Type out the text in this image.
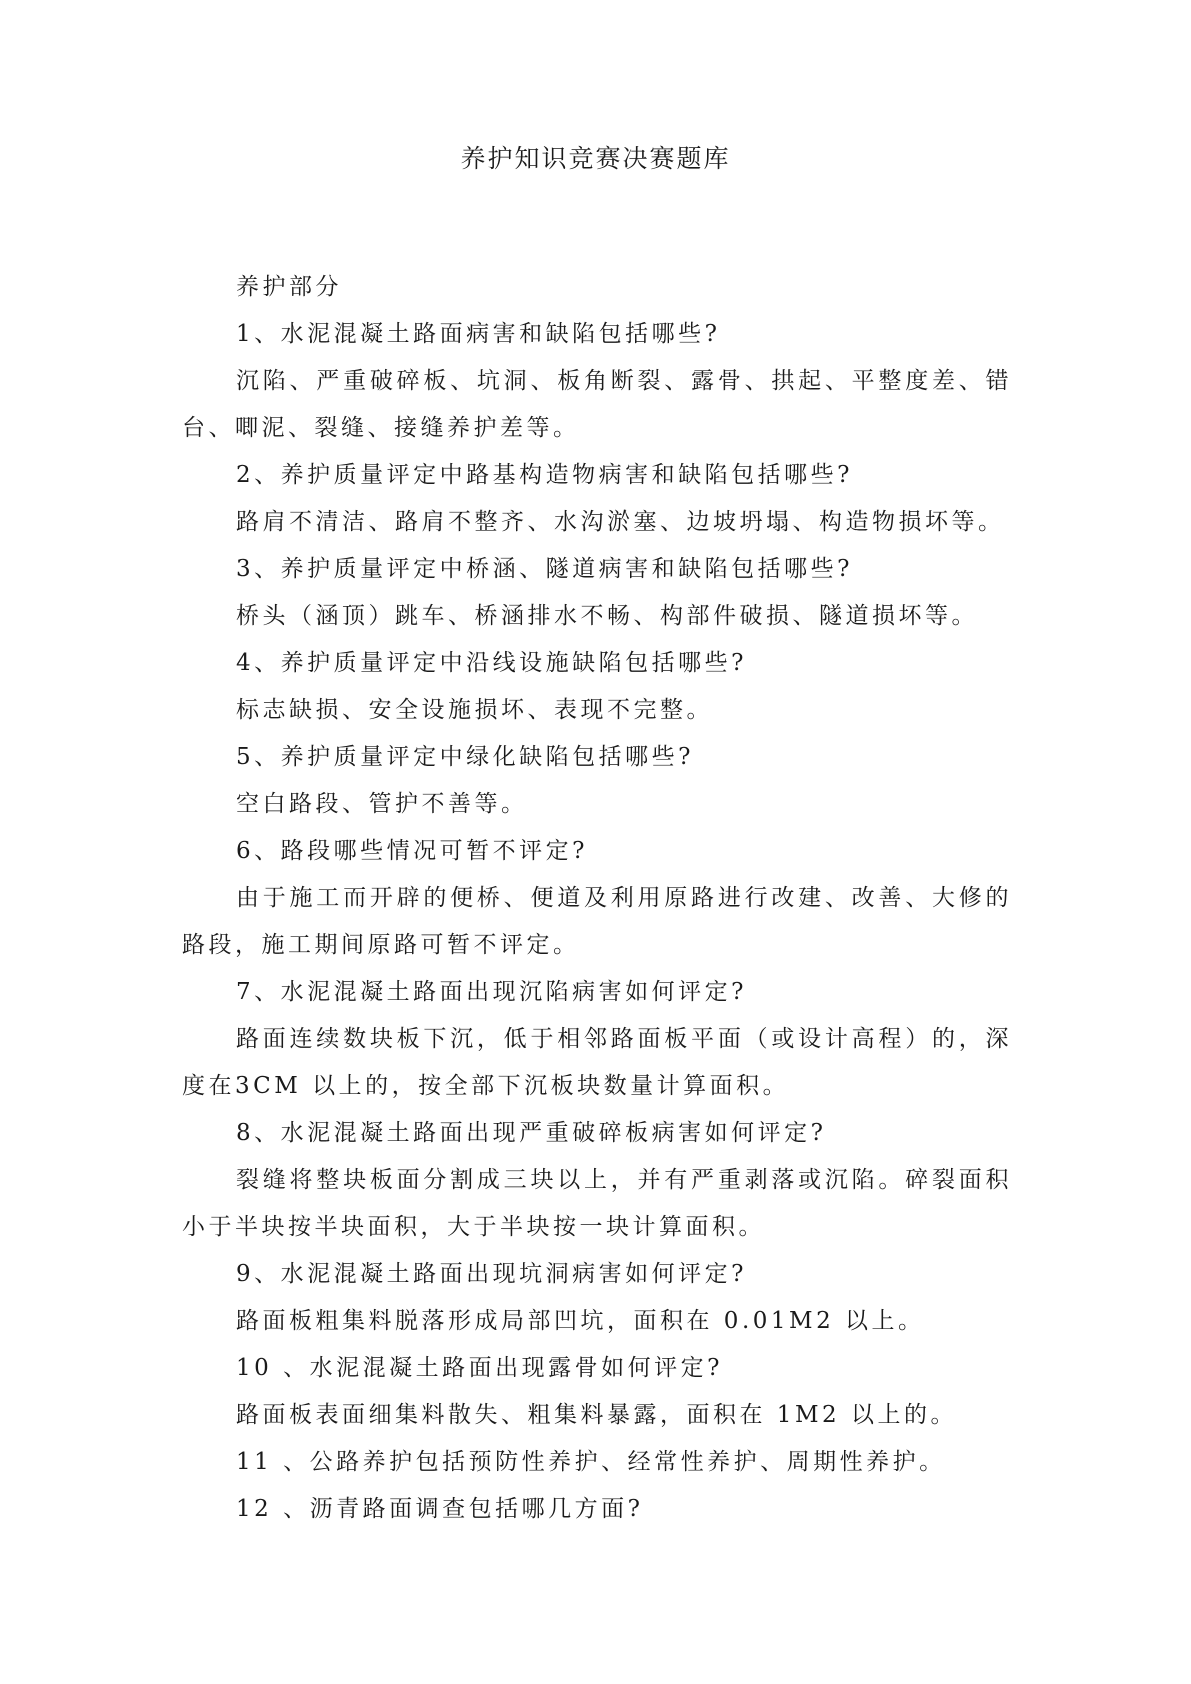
养护知识竞赛决赛题库

养护部分

1、水泥混凝土路面病害和缺陷包括哪些?

沉陷、严重破碎板、坑洞、板角断裂、露骨、拱起、平整度差、错台、唧泥、裂缝、接缝养护差等。

2、养护质量评定中路基构造物病害和缺陷包括哪些?

路肩不清洁、路肩不整齐、水沟淤塞、边坡坍塌、构造物损坏等。

3、养护质量评定中桥涵、隧道病害和缺陷包括哪些?

桥头（涵顶）跳车、桥涵排水不畅、构部件破损、隧道损坏等。

4、养护质量评定中沿线设施缺陷包括哪些?

标志缺损、安全设施损坏、表现不完整。

5、养护质量评定中绿化缺陷包括哪些?

空白路段、管护不善等。

6、路段哪些情况可暂不评定?

由于施工而开辟的便桥、便道及利用原路进行改建、改善、大修的路段，施工期间原路可暂不评定。

7、水泥混凝土路面出现沉陷病害如何评定?

路面连续数块板下沉，低于相邻路面板平面（或设计高程）的，深度在3CM 以上的，按全部下沉板块数量计算面积。

8、水泥混凝土路面出现严重破碎板病害如何评定?

裂缝将整块板面分割成三块以上，并有严重剥落或沉陷。碎裂面积小于半块按半块面积，大于半块按一块计算面积。

9、水泥混凝土路面出现坑洞病害如何评定?

路面板粗集料脱落形成局部凹坑，面积在 0.01M2 以上。

10 、水泥混凝土路面出现露骨如何评定?

路面板表面细集料散失、粗集料暴露，面积在 1M2 以上的。

11 、公路养护包括预防性养护、经常性养护、周期性养护。

12 、沥青路面调查包括哪几方面?
